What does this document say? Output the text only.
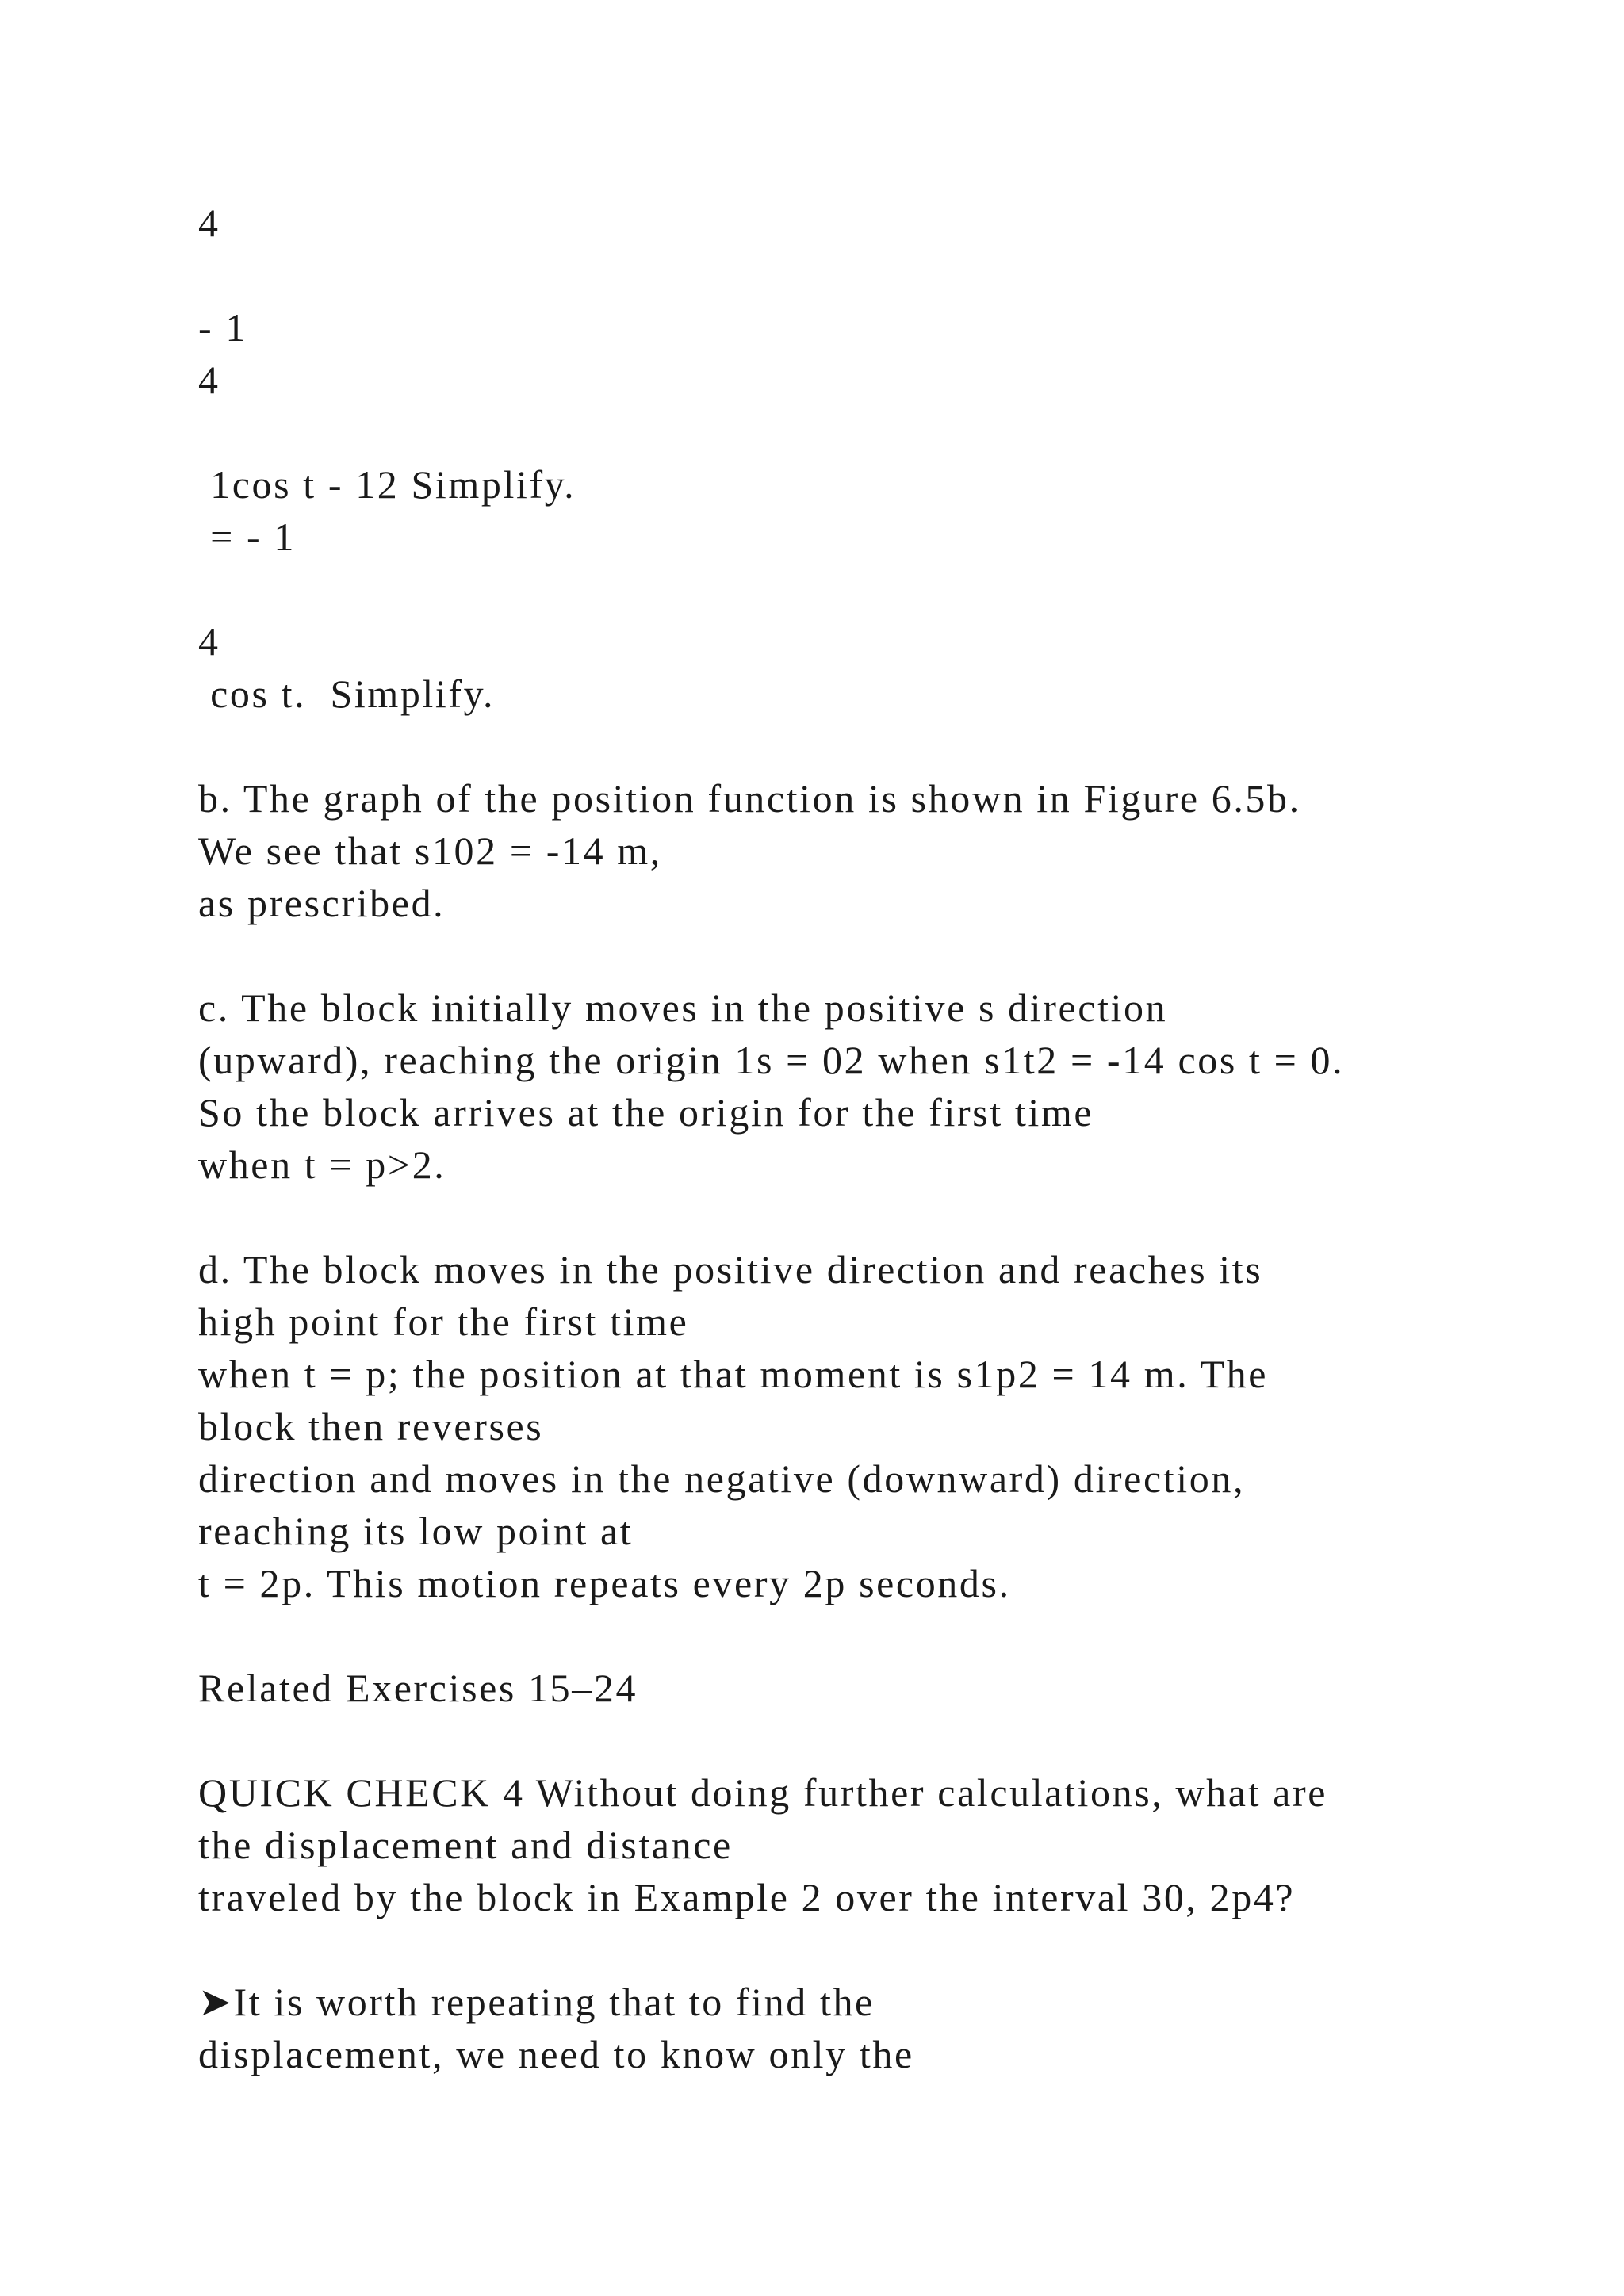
4
- 1
4
1cos t - 12 Simplify.
= - 1
4
cos t.  Simplify.
b. The graph of the position function is shown in Figure 6.5b.
We see that s102 = -14 m,
as prescribed.
c. The block initially moves in the positive s direction
(upward), reaching the origin 1s = 02 when s1t2 = -14 cos t = 0.
So the block arrives at the origin for the first time
when t = p>2.
d. The block moves in the positive direction and reaches its
high point for the first time
when t = p; the position at that moment is s1p2 = 14 m. The
block then reverses
direction and moves in the negative (downward) direction,
reaching its low point at
t = 2p. This motion repeats every 2p seconds.
Related Exercises 15–24
QUICK CHECK 4 Without doing further calculations, what are
the displacement and distance
traveled by the block in Example 2 over the interval 30, 2p4?
➤It is worth repeating that to find the
displacement, we need to know only the
